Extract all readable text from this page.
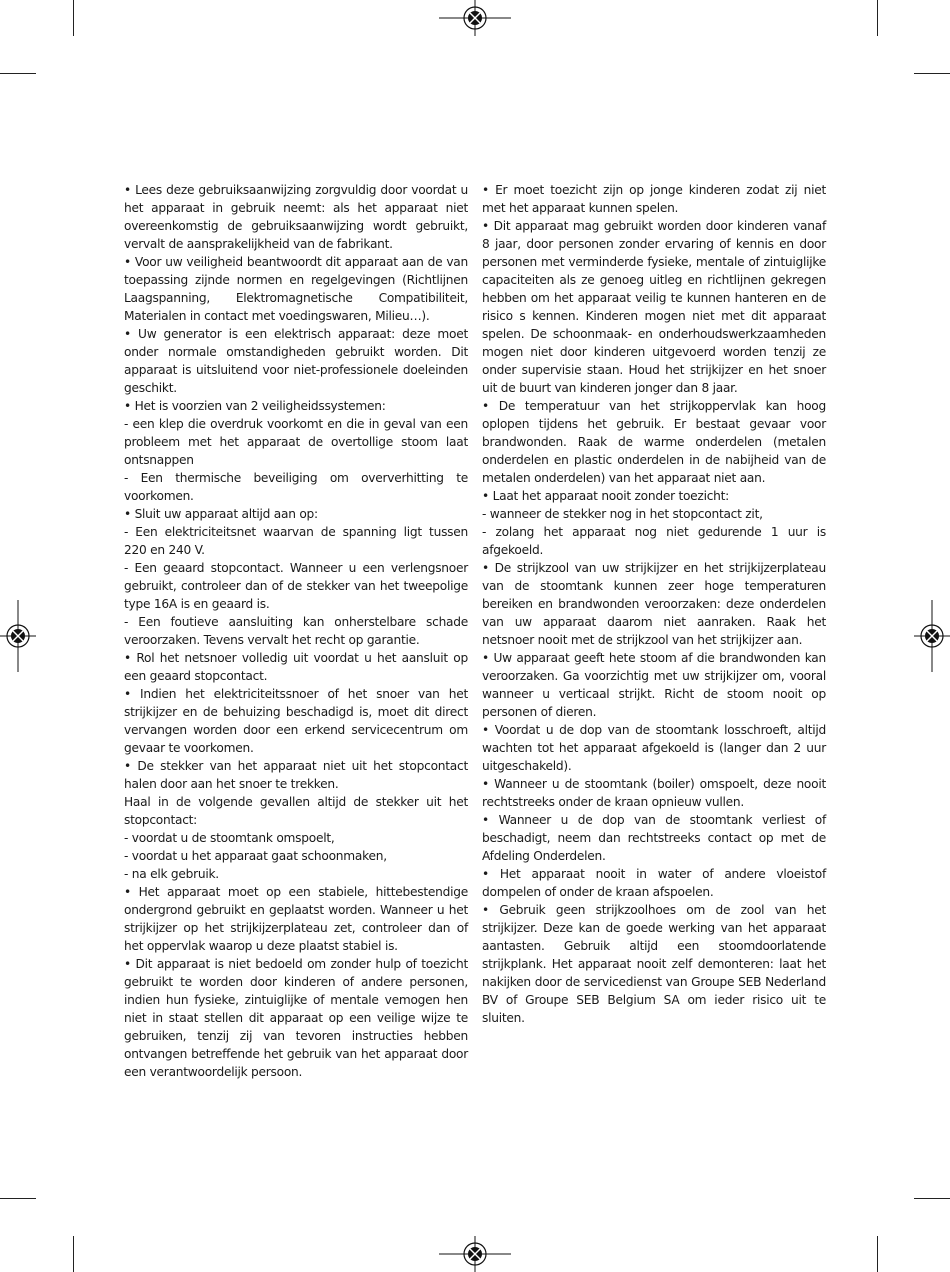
• Lees deze gebruiksaanwijzing zorgvuldig door voordat u het apparaat in gebruik neemt: als het apparaat niet overeenkomstig de gebruiksaanwijzing wordt gebruikt, vervalt de aansprakelijkheid van de fabrikant.

• Voor uw veiligheid beantwoordt dit apparaat aan de van toepassing zijnde normen en regelgevingen (Richtlijnen Laagspanning, Elektromagnetische Compatibiliteit, Materialen in contact met voedingswaren, Milieu…).

• Uw generator is een elektrisch apparaat: deze moet onder normale omstandigheden gebruikt worden. Dit apparaat is uitsluitend voor niet-professionele doeleinden geschikt.

• Het is voorzien van 2 veiligheidssystemen:

- een klep die overdruk voorkomt en die in geval van een probleem met het apparaat de overtollige stoom laat ontsnappen

- Een thermische beveiliging om oververhitting te voorkomen.

• Sluit uw apparaat altijd aan op:

- Een elektriciteitsnet waarvan de spanning ligt tussen 220 en 240 V.

- Een geaard stopcontact. Wanneer u een verlengsnoer gebruikt, controleer dan of de stekker van het tweepolige type 16A is en geaard is.

- Een foutieve aansluiting kan onherstelbare schade veroorzaken. Tevens vervalt het recht op garantie.

• Rol het netsnoer volledig uit voordat u het aansluit op een geaard stopcontact.

• Indien het elektriciteitssnoer of het snoer van het strijkijzer en de behuizing beschadigd is, moet dit direct vervangen worden door een erkend servicecentrum om gevaar te voorkomen.

• De stekker van het apparaat niet uit het stopcontact halen door aan het snoer te trekken.

Haal in de volgende gevallen altijd de stekker uit het stopcontact:

- voordat u de stoomtank omspoelt,

- voordat u het apparaat gaat schoonmaken,

- na elk gebruik.

• Het apparaat moet op een stabiele, hittebestendige ondergrond gebruikt en geplaatst worden. Wanneer u het strijkijzer op het strijkijzerplateau zet, controleer dan of het oppervlak waarop u deze plaatst stabiel is.

• Dit apparaat is niet bedoeld om zonder hulp of toezicht gebruikt te worden door kinderen of andere personen, indien hun fysieke, zintuiglijke of mentale vemogen hen niet in staat stellen dit apparaat op een veilige wijze te gebruiken, tenzij zij van tevoren instructies hebben ontvangen betreffende het gebruik van het apparaat door een verantwoordelijk persoon.

• Er moet toezicht zijn op jonge kinderen zodat zij niet met het apparaat kunnen spelen.

• Dit apparaat mag gebruikt worden door kinderen vanaf 8 jaar, door personen zonder ervaring of kennis en door personen met verminderde fysieke, mentale of zintuiglijke capaciteiten als ze genoeg uitleg en richtlijnen gekregen hebben om het apparaat veilig te kunnen hanteren en de risico s kennen. Kinderen mogen niet met dit apparaat spelen. De schoonmaak- en onderhoudswerkzaamheden mogen niet door kinderen uitgevoerd worden tenzij ze onder supervisie staan. Houd het strijkijzer en het snoer uit de buurt van kinderen jonger dan 8 jaar.

• De temperatuur van het strijkoppervlak kan hoog oplopen tijdens het gebruik. Er bestaat gevaar voor brandwonden. Raak de warme onderdelen (metalen onderdelen en plastic onderdelen in de nabijheid van de metalen onderdelen) van het apparaat niet aan.

• Laat het apparaat nooit zonder toezicht:

- wanneer de stekker nog in het stopcontact zit,

- zolang het apparaat nog niet gedurende 1 uur is afgekoeld.

• De strijkzool van uw strijkijzer en het strijkijzerplateau van de stoomtank kunnen zeer hoge temperaturen bereiken en brandwonden veroorzaken: deze onderdelen van uw apparaat daarom niet aanraken. Raak het netsnoer nooit met de strijkzool van het strijkijzer aan.

• Uw apparaat geeft hete stoom af die brandwonden kan veroorzaken. Ga voorzichtig met uw strijkijzer om, vooral wanneer u verticaal strijkt. Richt de stoom nooit op personen of dieren.

• Voordat u de dop van de stoomtank losschroeft, altijd wachten tot het apparaat afgekoeld is (langer dan 2 uur uitgeschakeld).

• Wanneer u de stoomtank (boiler) omspoelt, deze nooit rechtstreeks onder de kraan opnieuw vullen.

• Wanneer u de dop van de stoomtank verliest of beschadigt, neem dan rechtstreeks contact op met de Afdeling Onderdelen.

• Het apparaat nooit in water of andere vloeistof dompelen of onder de kraan afspoelen.

• Gebruik geen strijkzoolhoes om de zool van het strijkijzer. Deze kan de goede werking van het apparaat aantasten. Gebruik altijd een stoomdoorlatende strijkplank. Het apparaat nooit zelf demonteren: laat het nakijken door de servicedienst van Groupe SEB Nederland BV of Groupe SEB Belgium SA om ieder risico uit te sluiten.
